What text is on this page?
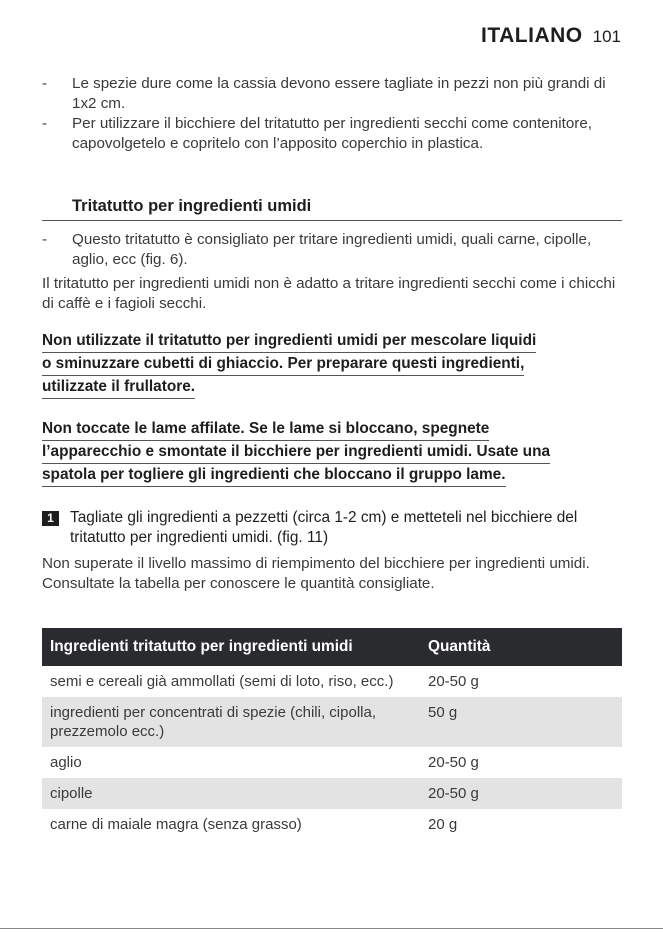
ITALIANO 101
- Le spezie dure come la cassia devono essere tagliate in pezzi non più grandi di 1x2 cm.
- Per utilizzare il bicchiere del tritatutto per ingredienti secchi come contenitore, capovolgetelo e copritelo con l’apposito coperchio in plastica.
Tritatutto per ingredienti umidi
- Questo tritatutto è consigliato per tritare ingredienti umidi, quali carne, cipolle, aglio, ecc (fig. 6).
Il tritatutto per ingredienti umidi non è adatto a tritare ingredienti secchi come i chicchi di caffè e i fagioli secchi.
Non utilizzate il tritatutto per ingredienti umidi per mescolare liquidi
o sminuzzare cubetti di ghiaccio. Per preparare questi ingredienti,
utilizzate il frullatore.
Non toccate le lame affilate. Se le lame si bloccano, spegnete
l’apparecchio e smontate il bicchiere per ingredienti umidi. Usate una
spatola per togliere gli ingredienti che bloccano il gruppo lame.
1	Tagliate gli ingredienti a pezzetti (circa 1-2 cm) e metteteli nel bicchiere del tritatutto per ingredienti umidi. (fig. 11)
Non superate il livello massimo di riempimento del bicchiere per ingredienti umidi.
Consultate la tabella per conoscere le quantità consigliate.
Ingredienti tritatutto per ingredienti umidi	Quantità
semi e cereali già ammollati (semi di loto, riso, ecc.)	20-50 g
ingredienti per concentrati di spezie (chili, cipolla, prezzemolo ecc.)	50 g
aglio	20-50 g
cipolle	20-50 g
carne di maiale magra (senza grasso)	20 g
